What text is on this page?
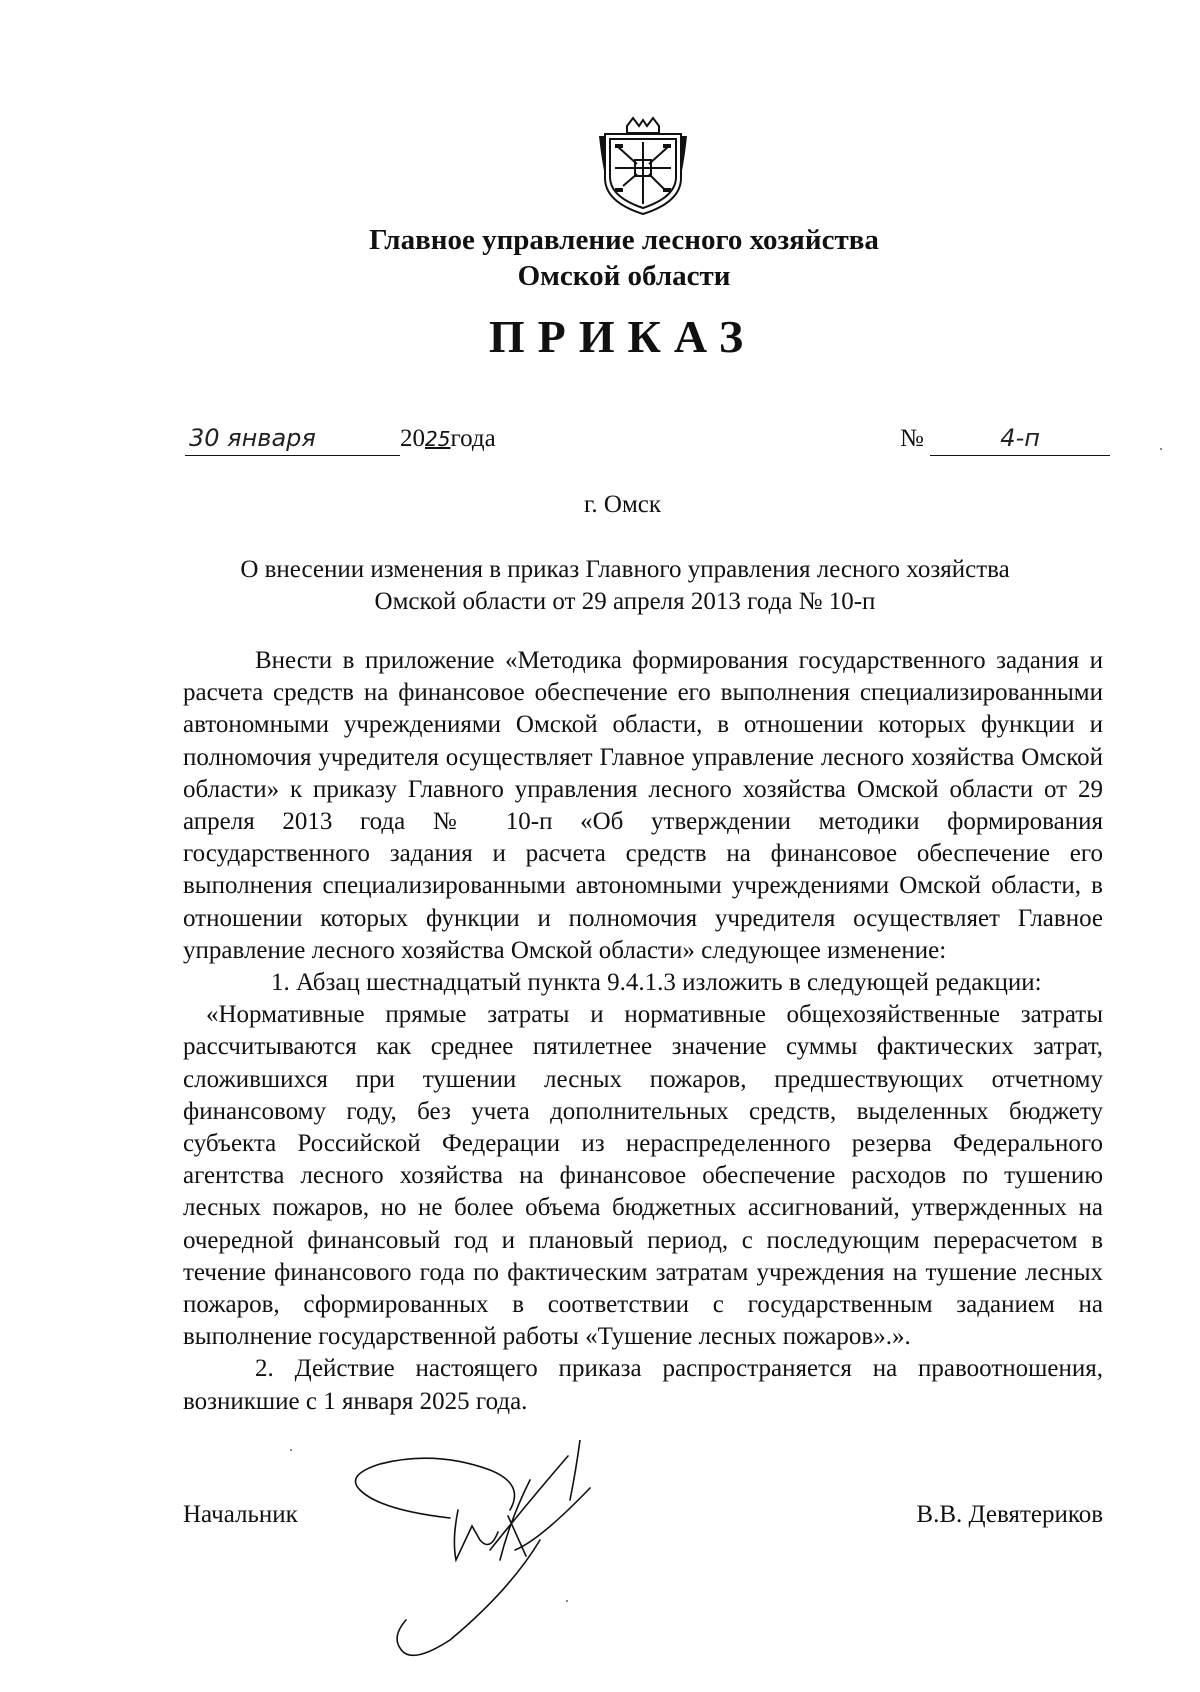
Главное управление лесного хозяйства
Омской области
ПРИКАЗ
30 января	2025года	№	4-п
г. Омск
О внесении изменения в приказ Главного управления лесного хозяйства
Омской области от 29 апреля 2013 года № 10-п

Внести в приложение «Методика формирования государственного задания и расчета средств на финансовое обеспечение его выполнения специализированными автономными учреждениями Омской области, в отношении которых функции и полномочия учредителя осуществляет Главное управление лесного хозяйства Омской области» к приказу Главного управления лесного хозяйства Омской области от 29 апреля 2013 года № 10-п «Об утверждении методики формирования государственного задания и расчета средств на финансовое обеспечение его выполнения специализированными автономными учреждениями Омской области, в отношении которых функции и полномочия учредителя осуществляет Главное управление лесного хозяйства Омской области» следующее изменение:

1. Абзац шестнадцатый пункта 9.4.1.3 изложить в следующей редакции:

«Нормативные прямые затраты и нормативные общехозяйственные затраты рассчитываются как среднее пятилетнее значение суммы фактических затрат, сложившихся при тушении лесных пожаров, предшествующих отчетному финансовому году, без учета дополнительных средств, выделенных бюджету субъекта Российской Федерации из нераспределенного резерва Федерального агентства лесного хозяйства на финансовое обеспечение расходов по тушению лесных пожаров, но не более объема бюджетных ассигнований, утвержденных на очередной финансовый год и плановый период, с последующим перерасчетом в течение финансового года по фактическим затратам учреждения на тушение лесных пожаров, сформированных в соответствии с государственным заданием на выполнение государственной работы «Тушение лесных пожаров».».

2. Действие настоящего приказа распространяется на правоотношения, возникшие с 1 января 2025 года.

Начальник	В.В. Девятериков
